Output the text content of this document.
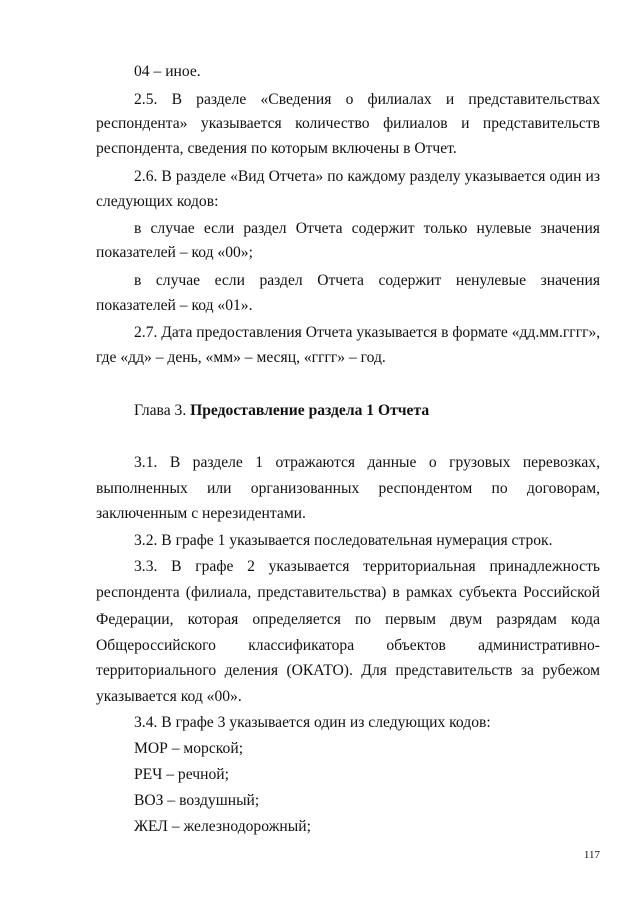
04 – иное.
2.5. В разделе «Сведения о филиалах и представительствах
респондента» указывается количество филиалов и представительств
респондента, сведения по которым включены в Отчет.
2.6. В разделе «Вид Отчета» по каждому разделу указывается один из
следующих кодов:
в случае если раздел Отчета содержит только нулевые значения
показателей – код «00»;
в случае если раздел Отчета содержит ненулевые значения
показателей – код «01».
2.7. Дата предоставления Отчета указывается в формате «дд.мм.гггг»,
где «дд» – день, «мм» – месяц, «гггг» – год.
Глава 3. Предоставление раздела 1 Отчета
3.1. В разделе 1 отражаются данные о грузовых перевозках,
выполненных или организованных респондентом по договорам,
заключенным с нерезидентами.
3.2. В графе 1 указывается последовательная нумерация строк.
3.3. В графе 2 указывается территориальная принадлежность
респондента (филиала, представительства) в рамках субъекта Российской
Федерации, которая определяется по первым двум разрядам кода
Общероссийского классификатора объектов административно-
территориального деления (ОКАТО). Для представительств за рубежом
указывается код «00».
3.4. В графе 3 указывается один из следующих кодов:
МОР – морской;
РЕЧ – речной;
ВОЗ – воздушный;
ЖЕЛ – железнодорожный;
117
